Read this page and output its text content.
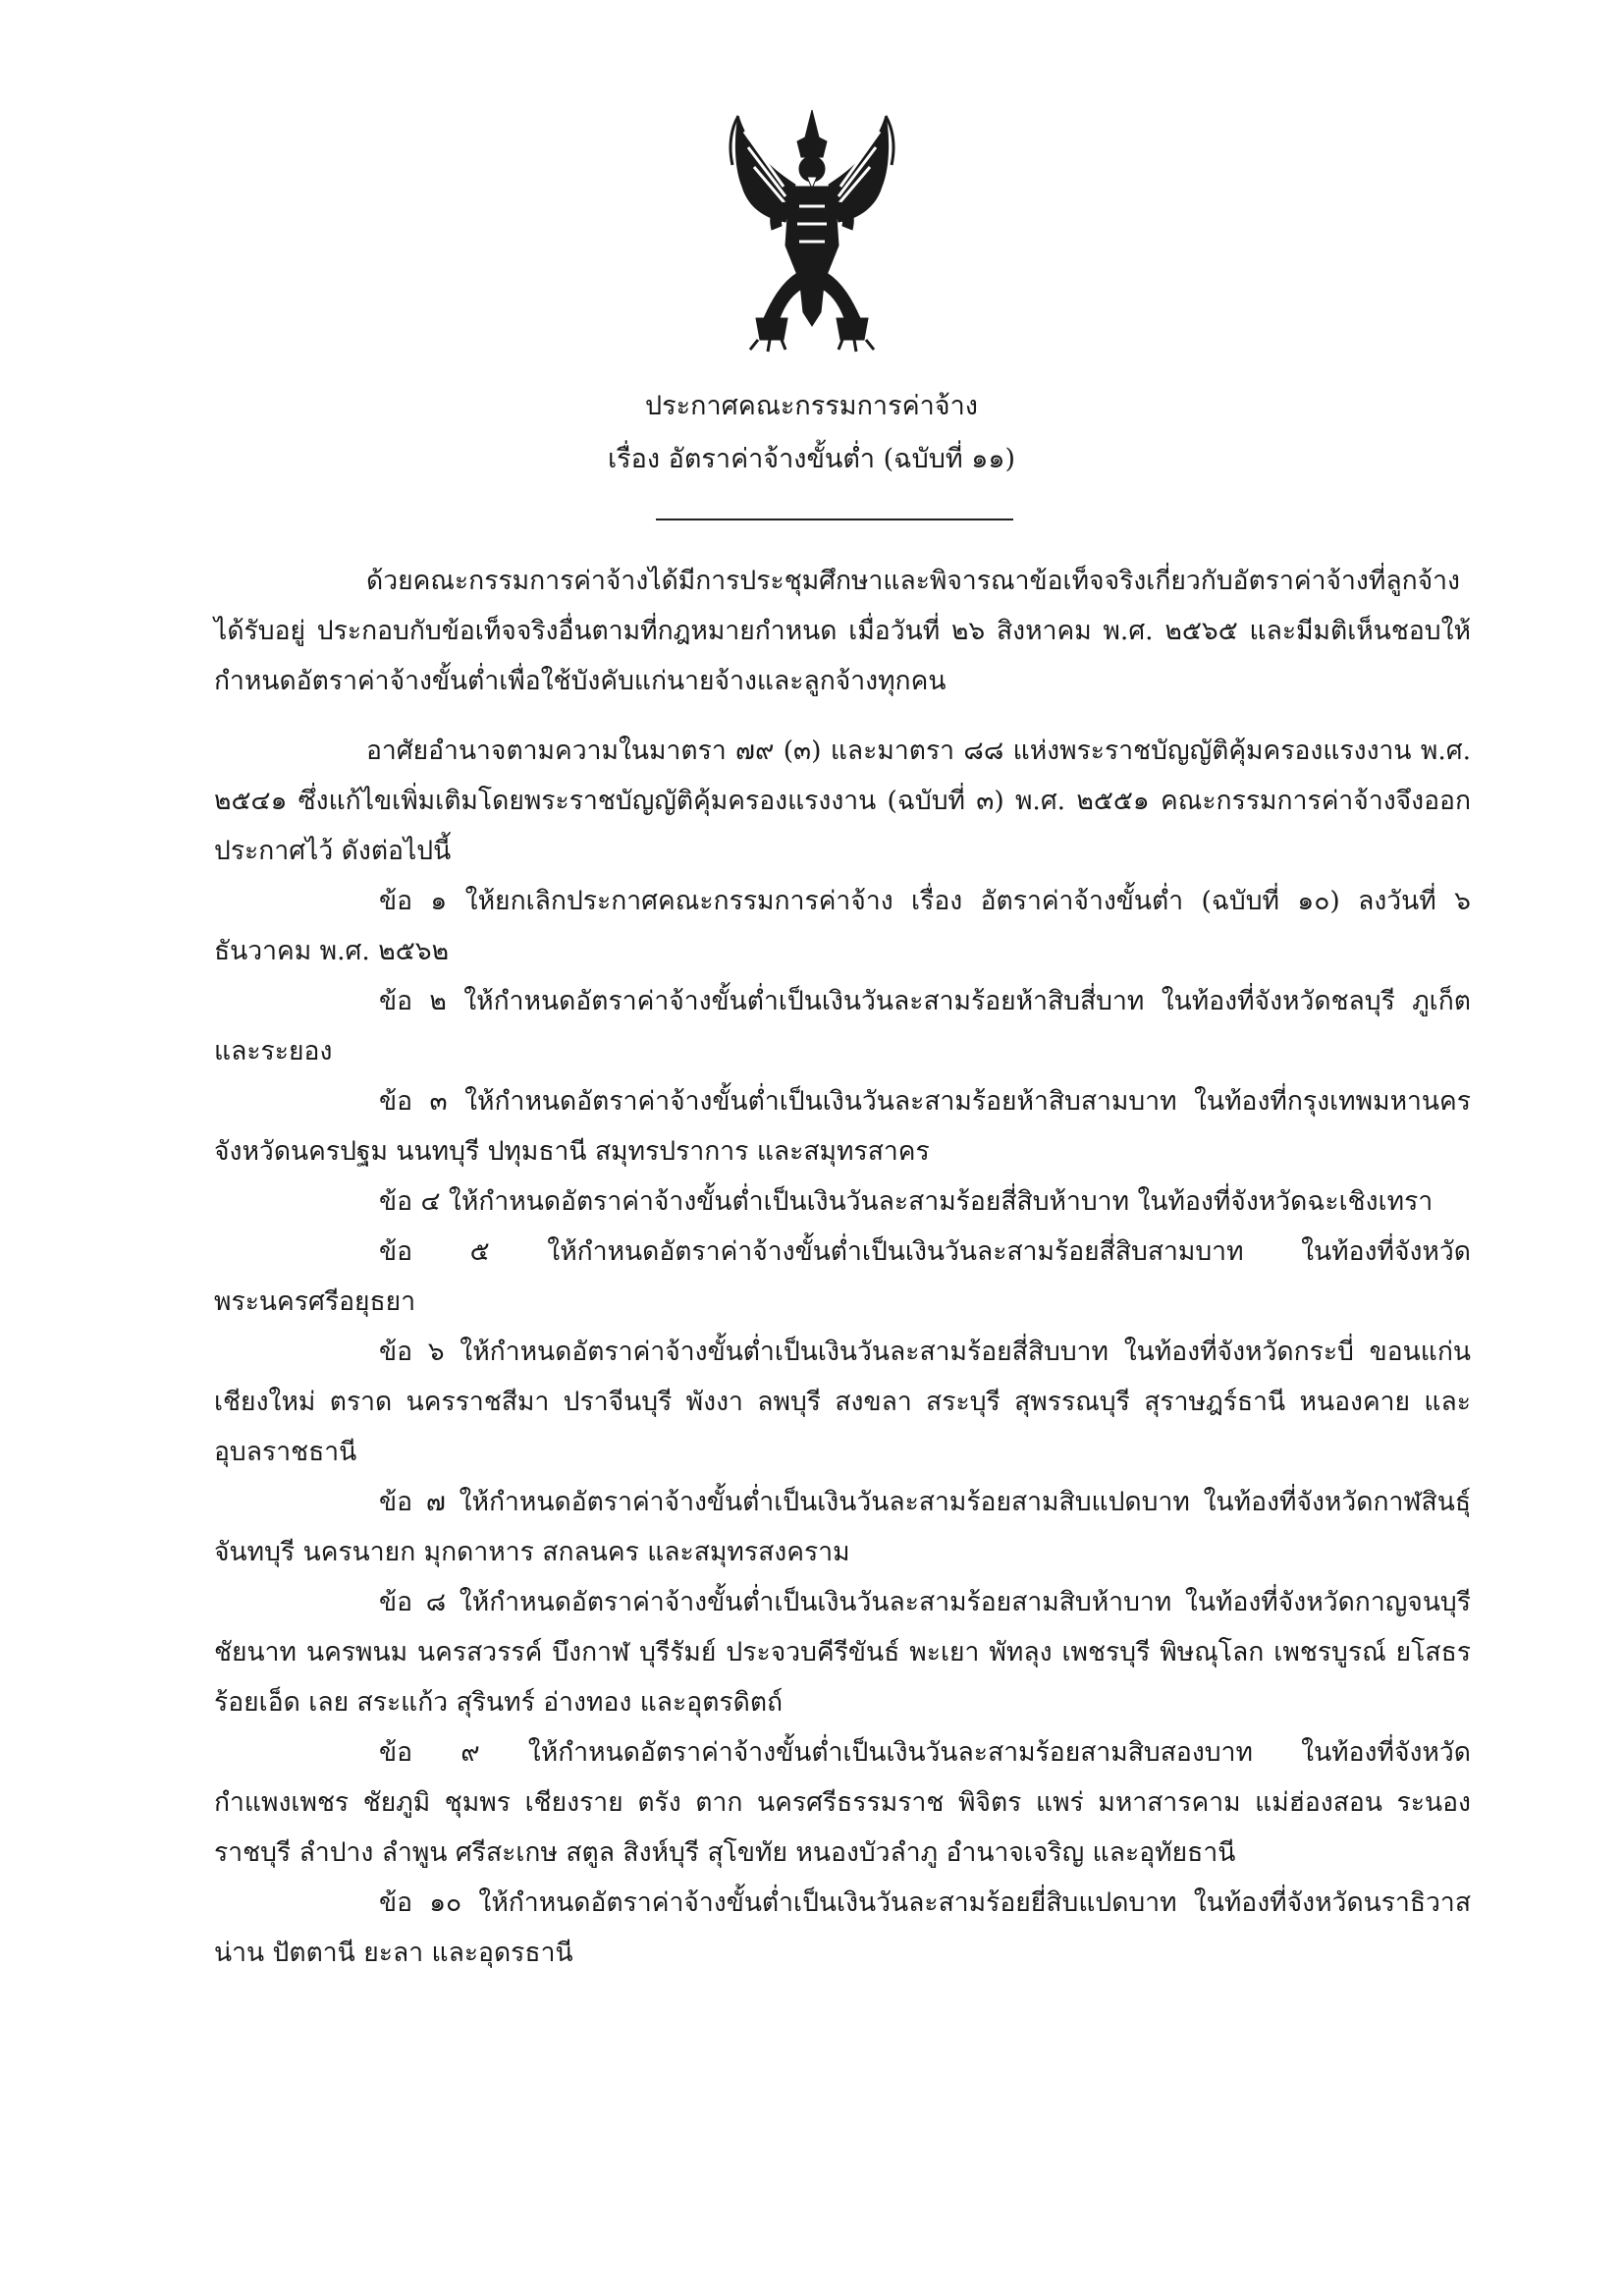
ประกาศคณะกรรมการค่าจ้าง
เรื่อง อัตราค่าจ้างขั้นต่ำ (ฉบับที่ ๑๑)

ด้วยคณะกรรมการค่าจ้างได้มีการประชุมศึกษาและพิจารณาข้อเท็จจริงเกี่ยวกับอัตราค่าจ้างที่ลูกจ้างได้รับอยู่ ประกอบกับข้อเท็จจริงอื่นตามที่กฎหมายกำหนด เมื่อวันที่ ๒๖ สิงหาคม พ.ศ. ๒๕๖๕ และมีมติเห็นชอบให้กำหนดอัตราค่าจ้างขั้นต่ำเพื่อใช้บังคับแก่นายจ้างและลูกจ้างทุกคน

อาศัยอำนาจตามความในมาตรา ๗๙ (๓) และมาตรา ๘๘ แห่งพระราชบัญญัติคุ้มครองแรงงาน พ.ศ. ๒๕๔๑ ซึ่งแก้ไขเพิ่มเติมโดยพระราชบัญญัติคุ้มครองแรงงาน (ฉบับที่ ๓) พ.ศ. ๒๕๕๑ คณะกรรมการค่าจ้างจึงออกประกาศไว้ ดังต่อไปนี้

ข้อ ๑ ให้ยกเลิกประกาศคณะกรรมการค่าจ้าง เรื่อง อัตราค่าจ้างขั้นต่ำ (ฉบับที่ ๑๐) ลงวันที่ ๖ ธันวาคม พ.ศ. ๒๕๖๒

ข้อ ๒ ให้กำหนดอัตราค่าจ้างขั้นต่ำเป็นเงินวันละสามร้อยห้าสิบสี่บาท ในท้องที่จังหวัดชลบุรี ภูเก็ต และระยอง

ข้อ ๓ ให้กำหนดอัตราค่าจ้างขั้นต่ำเป็นเงินวันละสามร้อยห้าสิบสามบาท ในท้องที่กรุงเทพมหานคร จังหวัดนครปฐม นนทบุรี ปทุมธานี สมุทรปราการ และสมุทรสาคร

ข้อ ๔ ให้กำหนดอัตราค่าจ้างขั้นต่ำเป็นเงินวันละสามร้อยสี่สิบห้าบาท ในท้องที่จังหวัดฉะเชิงเทรา

ข้อ ๕ ให้กำหนดอัตราค่าจ้างขั้นต่ำเป็นเงินวันละสามร้อยสี่สิบสามบาท ในท้องที่จังหวัดพระนครศรีอยุธยา

ข้อ ๖ ให้กำหนดอัตราค่าจ้างขั้นต่ำเป็นเงินวันละสามร้อยสี่สิบบาท ในท้องที่จังหวัดกระบี่ ขอนแก่น เชียงใหม่ ตราด นครราชสีมา ปราจีนบุรี พังงา ลพบุรี สงขลา สระบุรี สุพรรณบุรี สุราษฎร์ธานี หนองคาย และอุบลราชธานี

ข้อ ๗ ให้กำหนดอัตราค่าจ้างขั้นต่ำเป็นเงินวันละสามร้อยสามสิบแปดบาท ในท้องที่จังหวัดกาฬสินธุ์ จันทบุรี นครนายก มุกดาหาร สกลนคร และสมุทรสงคราม

ข้อ ๘ ให้กำหนดอัตราค่าจ้างขั้นต่ำเป็นเงินวันละสามร้อยสามสิบห้าบาท ในท้องที่จังหวัดกาญจนบุรี ชัยนาท นครพนม นครสวรรค์ บึงกาฬ บุรีรัมย์ ประจวบคีรีขันธ์ พะเยา พัทลุง เพชรบุรี พิษณุโลก เพชรบูรณ์ ยโสธร ร้อยเอ็ด เลย สระแก้ว สุรินทร์ อ่างทอง และอุตรดิตถ์

ข้อ ๙ ให้กำหนดอัตราค่าจ้างขั้นต่ำเป็นเงินวันละสามร้อยสามสิบสองบาท ในท้องที่จังหวัดกำแพงเพชร ชัยภูมิ ชุมพร เชียงราย ตรัง ตาก นครศรีธรรมราช พิจิตร แพร่ มหาสารคาม แม่ฮ่องสอน ระนอง ราชบุรี ลำปาง ลำพูน ศรีสะเกษ สตูล สิงห์บุรี สุโขทัย หนองบัวลำภู อำนาจเจริญ และอุทัยธานี

ข้อ ๑๐ ให้กำหนดอัตราค่าจ้างขั้นต่ำเป็นเงินวันละสามร้อยยี่สิบแปดบาท ในท้องที่จังหวัดนราธิวาส น่าน ปัตตานี ยะลา และอุดรธานี
